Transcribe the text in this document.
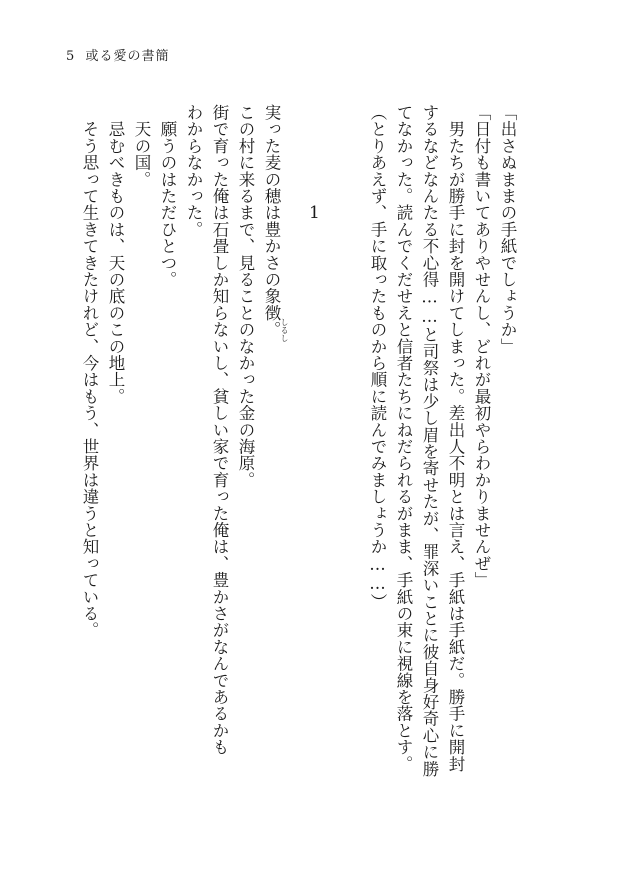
5 或る愛の書簡
「出さぬままの手紙でしょうか」
「日付も書いてありやせんし、どれが最初やらわかりませんぜ」
　男たちが勝手に封を開けてしまった。差出人不明とは言え、手紙は手紙だ。勝手に開封
するなどなんたる不心得……と司祭は少し眉を寄せたが、罪深いことに彼自身好奇心に勝
てなかった。読んでくだせえと信者たちにねだられるがまま、手紙の束に視線を落とす。
（とりあえず、手に取ったものから順に読んでみましょうか……）
1
実った麦の穂は豊かさの象徴。 しるし
この村に来るまで、見ることのなかった金の海原。
街で育った俺は石畳しか知らないし、貧しい家で育った俺は、豊かさがなんであるかも
わからなかった。
　願うのはただひとつ。
　天の国。
　忌むべきものは、天の底のこの地上。
　そう思って生きてきたけれど、今はもう、世界は違うと知っている。
